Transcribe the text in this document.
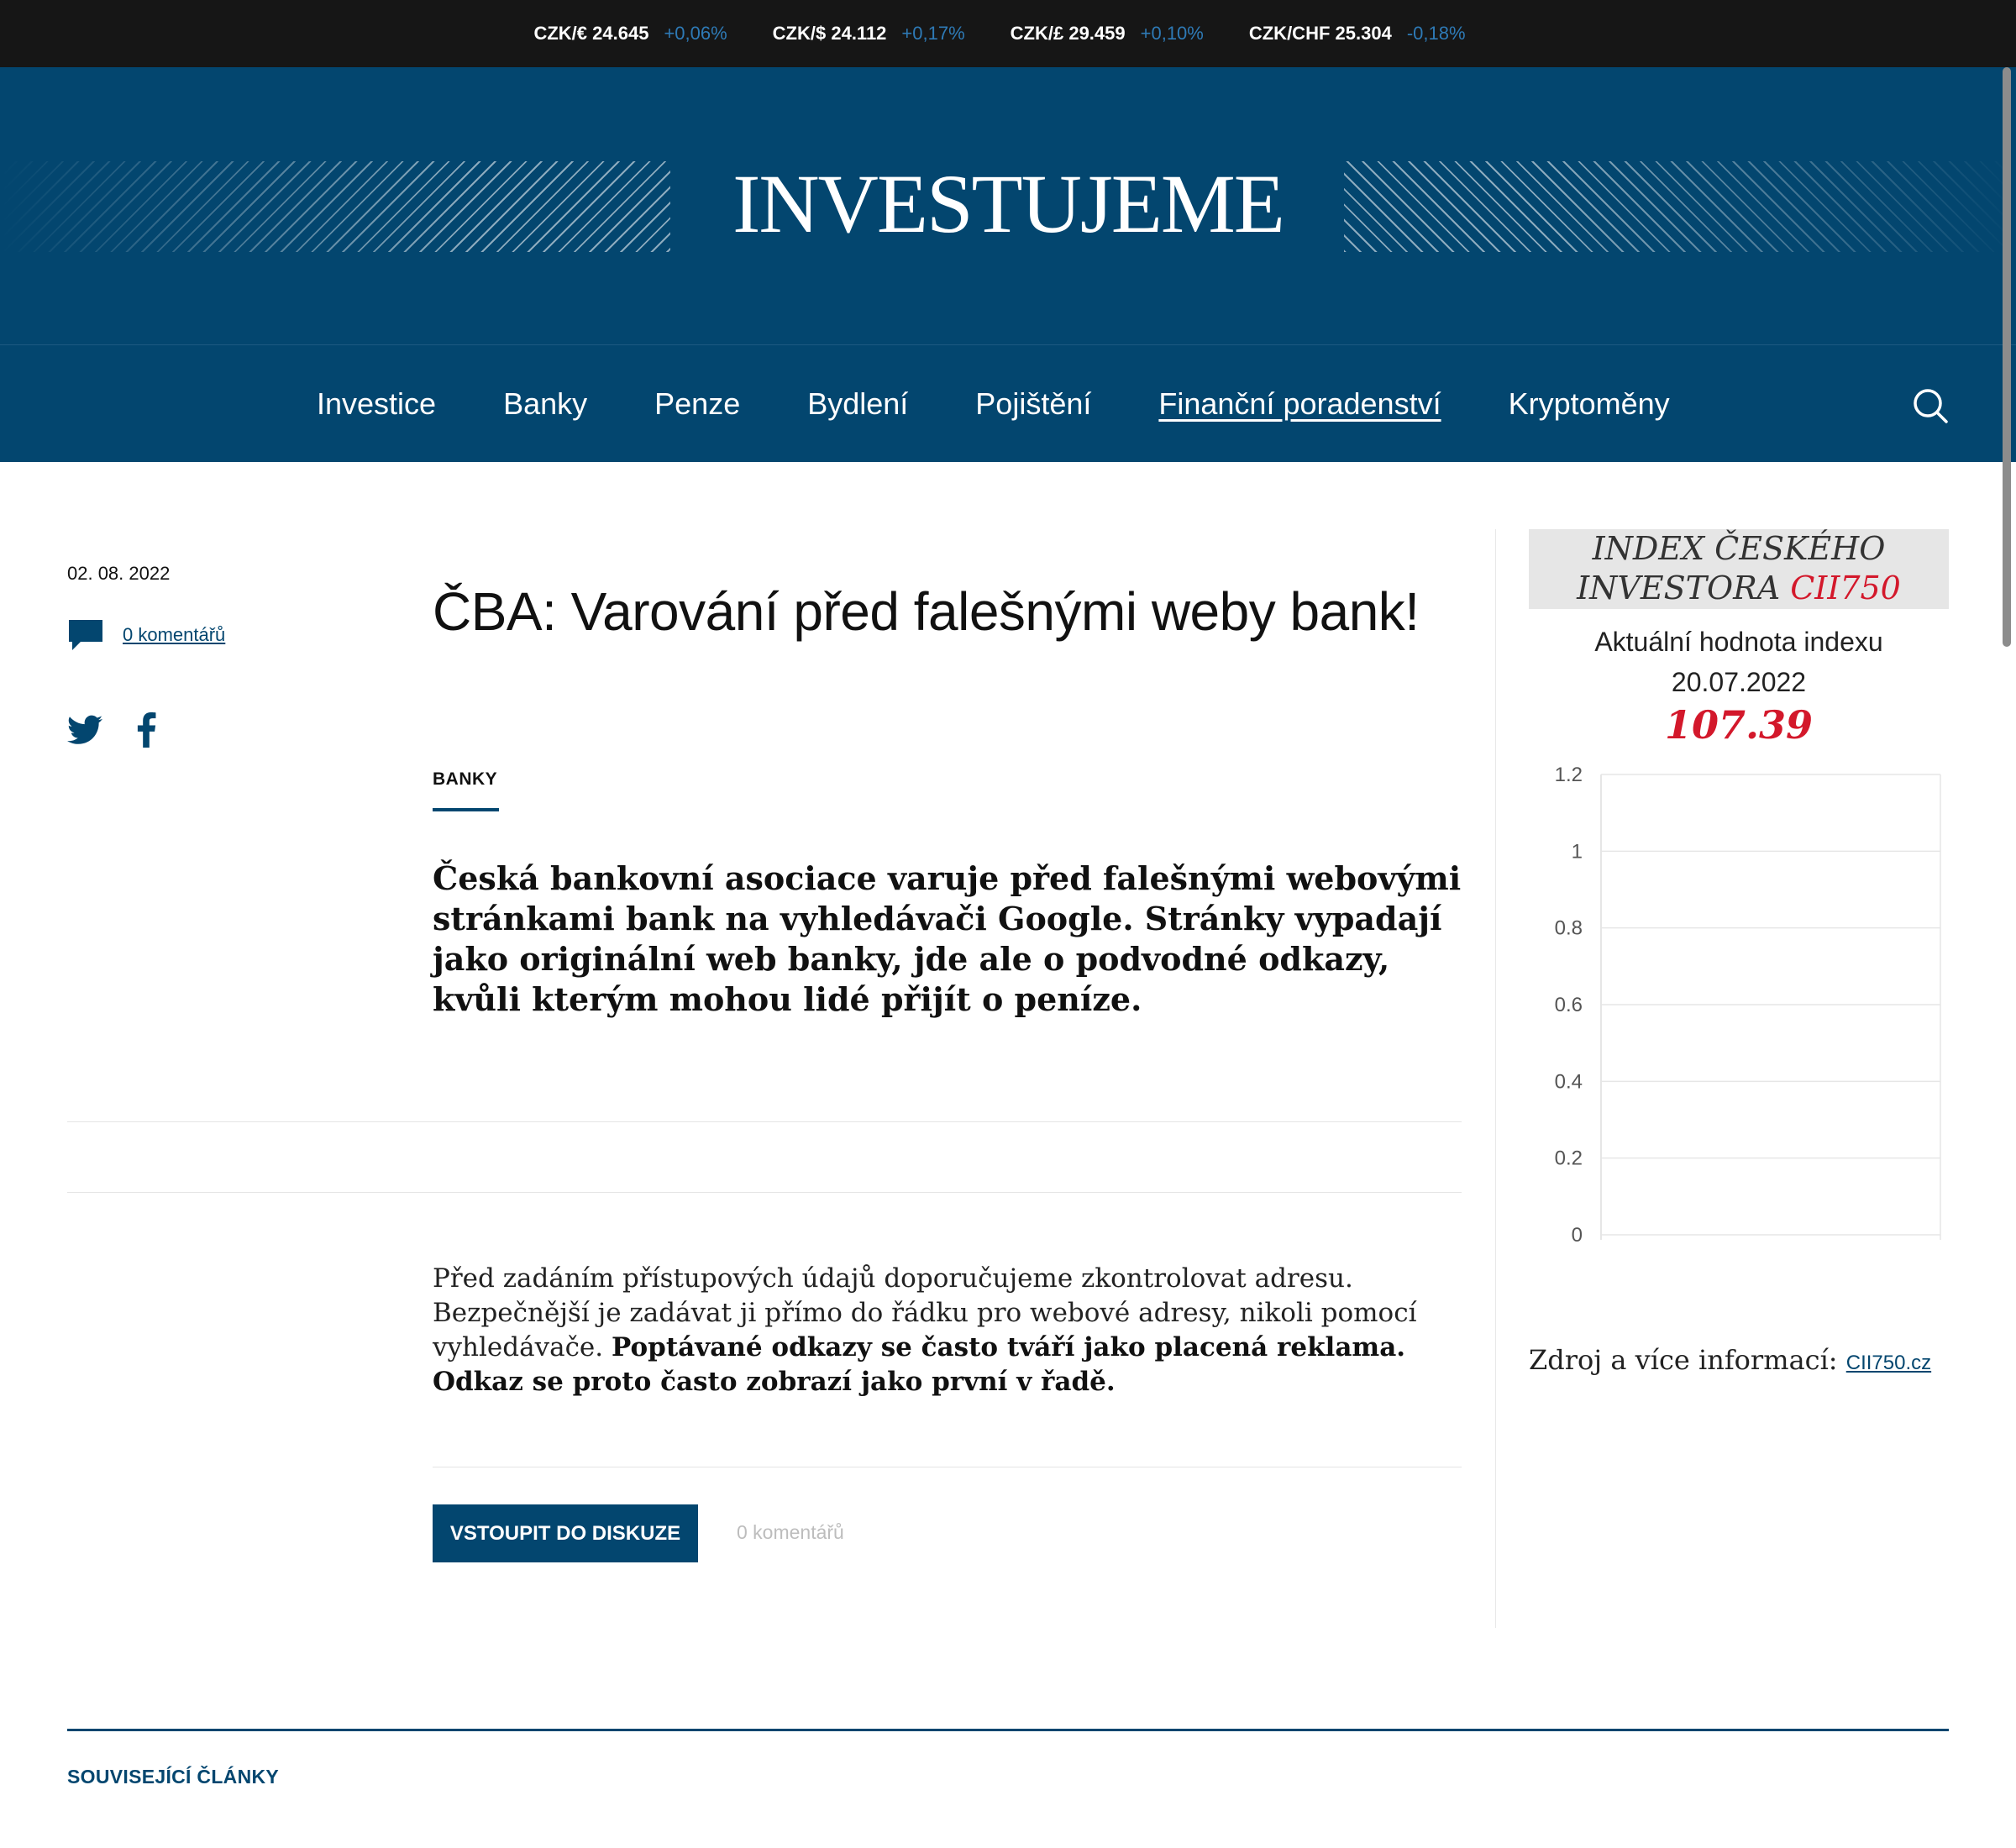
CZK/€ 24.645 +0,06% CZK/$ 24.112 +0,17% CZK/£ 29.459 +0,10% CZK/CHF 25.304 -0,18%
INVESTUJEME
Investice Banky Penze Bydlení Pojištění Finanční poradenství Kryptoměny
02. 08. 2022
0 komentářů	ČBA: Varování před falešnými weby bank!
BANKY

Česká bankovní asociace varuje před falešnými webovými stránkami bank na vyhledávači Google. Stránky vypadají jako originální web banky, jde ale o podvodné odkazy, kvůli kterým mohou lidé přijít o peníze.

Před zadáním přístupových údajů doporučujeme zkontrolovat adresu. Bezpečnější je zadávat ji přímo do řádku pro webové adresy, nikoli pomocí vyhledávače. Poptávané odkazy se často tváří jako placená reklama. Odkaz se proto často zobrazí jako první v řadě.

VSTOUPIT DO DISKUZE	0 komentářů
INDEX ČESKÉHO
INVESTORA CII750
Aktuální hodnota indexu
20.07.2022
107.39
1.2
1
0.8
0.6
0.4
0.2
0
Zdroj a více informací: CII750.cz
SOUVISEJÍCÍ ČLÁNKY
